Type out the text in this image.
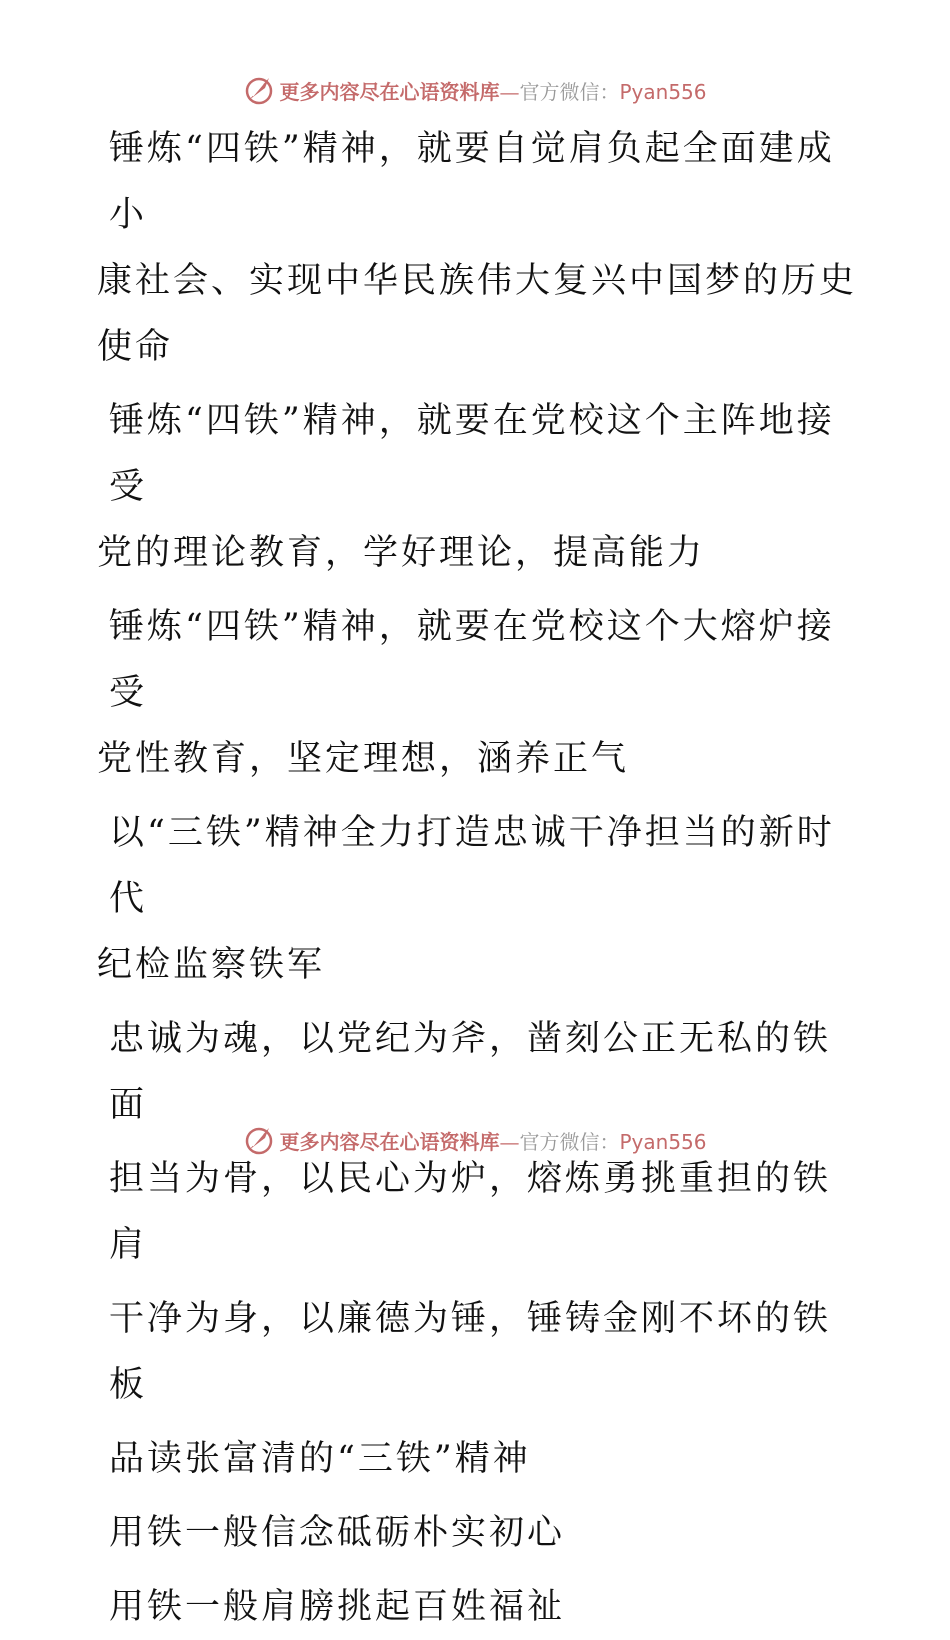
更多内容尽在心语资料库—官方微信：Pyan556

锤炼“四铁”精神，就要自觉肩负起全面建成小
康社会、实现中华民族伟大复兴中国梦的历史使命

锤炼“四铁”精神，就要在党校这个主阵地接受
党的理论教育，学好理论，提高能力

锤炼“四铁”精神，就要在党校这个大熔炉接受
党性教育，坚定理想，涵养正气

以“三铁”精神全力打造忠诚干净担当的新时代
纪检监察铁军

忠诚为魂，以党纪为斧，凿刻公正无私的铁面

担当为骨，以民心为炉，熔炼勇挑重担的铁肩

干净为身，以廉德为锤，锤铸金刚不坏的铁板

品读张富清的“三铁”精神

用铁一般信念砥砺朴实初心

用铁一般肩膀挑起百姓福祉

更多内容尽在心语资料库—官方微信：Pyan556
